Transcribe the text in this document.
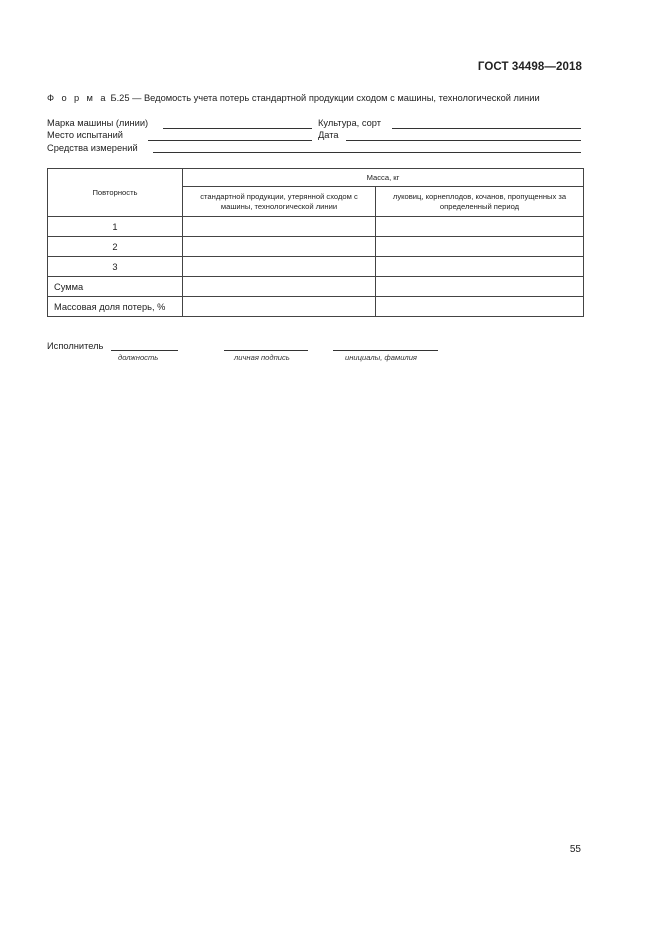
ГОСТ 34498—2018
Ф о р м а Б.25 — Ведомость учета потерь стандартной продукции сходом с машины, технологической линии
Марка машины (линии)	Культура, сорт
Место испытаний	Дата
Средства измерений
Повторность	Масса, кг	
	стандартной продукции, утерянной сходом с машины, технологической линии	луковиц, корнеплодов, кочанов, пропущенных за определенный период
1		
2		
3		
Сумма		
Массовая доля потерь, %		
Исполнитель
должность	личная подпись	инициалы, фамилия
55
